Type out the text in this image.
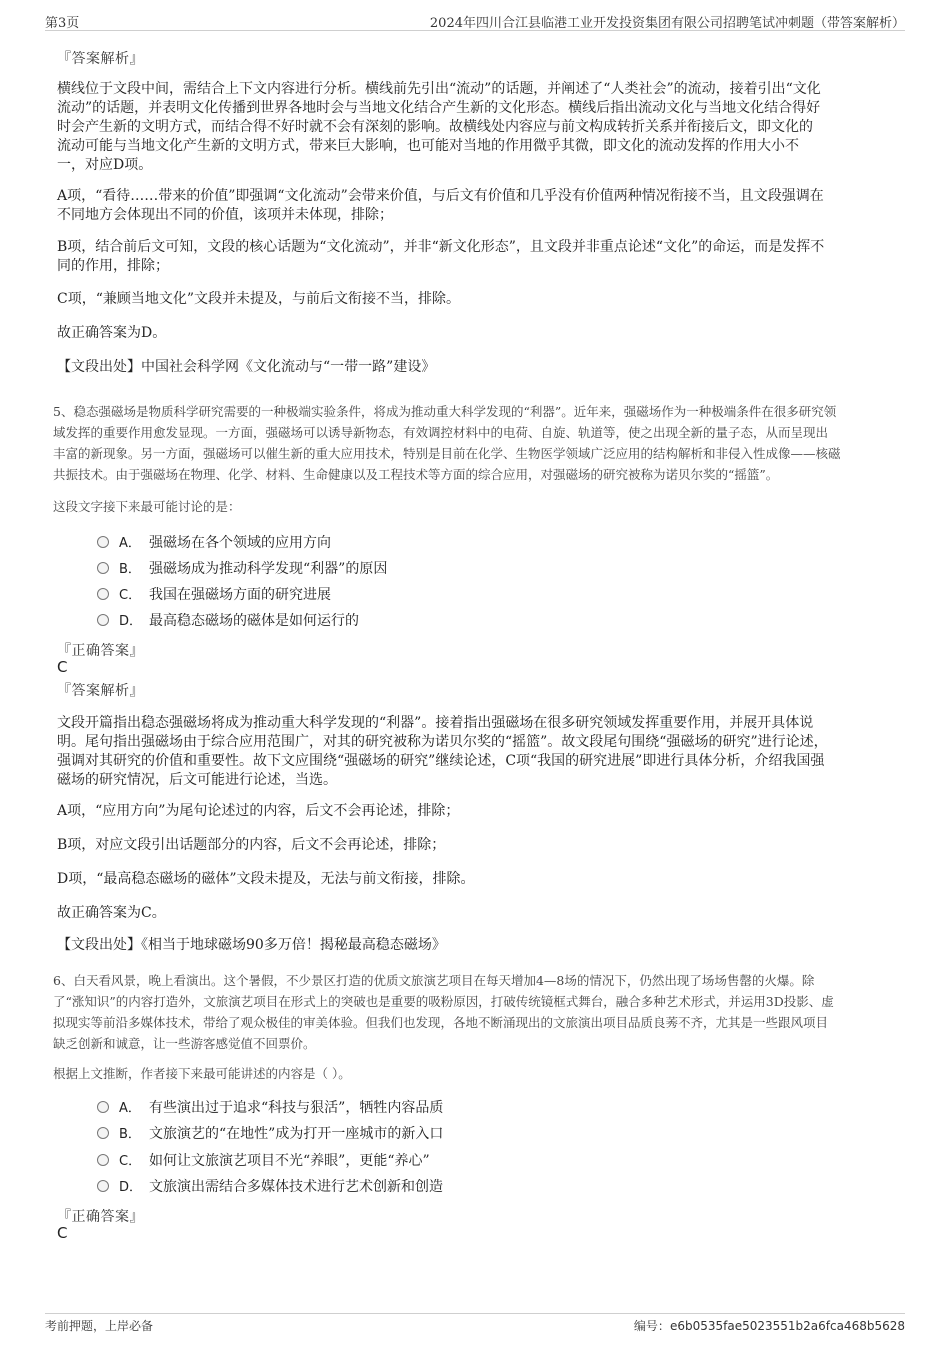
第3页	2024年四川合江县临港工业开发投资集团有限公司招聘笔试冲刺题（带答案解析）
『答案解析』

横线位于文段中间，需结合上下文内容进行分析。横线前先引出“流动”的话题，并阐述了“人类社会”的流动，接着引出“文化

流动”的话题，并表明文化传播到世界各地时会与当地文化结合产生新的文化形态。横线后指出流动文化与当地文化结合得好

时会产生新的文明方式，而结合得不好时就不会有深刻的影响。故横线处内容应与前文构成转折关系并衔接后文，即文化的

流动可能与当地文化产生新的文明方式，带来巨大影响，也可能对当地的作用微乎其微，即文化的流动发挥的作用大小不

一，对应D项。

A项，“看待……带来的价值”即强调“文化流动”会带来价值，与后文有价值和几乎没有价值两种情况衔接不当，且文段强调在

不同地方会体现出不同的价值，该项并未体现，排除；

B项，结合前后文可知，文段的核心话题为“文化流动”，并非“新文化形态”，且文段并非重点论述“文化”的命运，而是发挥不

同的作用，排除；

C项，“兼顾当地文化”文段并未提及，与前后文衔接不当，排除。

故正确答案为D。

【文段出处】中国社会科学网《文化流动与“一带一路”建设》

5、稳态强磁场是物质科学研究需要的一种极端实验条件，将成为推动重大科学发现的“利器”。近年来，强磁场作为一种极端条件在很多研究领

域发挥的重要作用愈发显现。一方面，强磁场可以诱导新物态，有效调控材料中的电荷、自旋、轨道等，使之出现全新的量子态，从而呈现出

丰富的新现象。另一方面，强磁场可以催生新的重大应用技术，特别是目前在化学、生物医学领域广泛应用的结构解析和非侵入性成像——核磁

共振技术。由于强磁场在物理、化学、材料、生命健康以及工程技术等方面的综合应用，对强磁场的研究被称为诺贝尔奖的“摇篮”。

这段文字接下来最可能讨论的是：
A． 强磁场在各个领域的应用方向
B． 强磁场成为推动科学发现“利器”的原因
C． 我国在强磁场方面的研究进展
D． 最高稳态磁场的磁体是如何运行的
『正确答案』
C
『答案解析』

文段开篇指出稳态强磁场将成为推动重大科学发现的“利器”。接着指出强磁场在很多研究领域发挥重要作用，并展开具体说

明。尾句指出强磁场由于综合应用范围广，对其的研究被称为诺贝尔奖的“摇篮”。故文段尾句围绕“强磁场的研究”进行论述，

强调对其研究的价值和重要性。故下文应围绕“强磁场的研究”继续论述，C项“我国的研究进展”即进行具体分析，介绍我国强

磁场的研究情况，后文可能进行论述，当选。

A项，“应用方向”为尾句论述过的内容，后文不会再论述，排除；

B项，对应文段引出话题部分的内容，后文不会再论述，排除；

D项，“最高稳态磁场的磁体”文段未提及，无法与前文衔接，排除。

故正确答案为C。

【文段出处】《相当于地球磁场90多万倍！揭秘最高稳态磁场》

6、白天看风景，晚上看演出。这个暑假，不少景区打造的优质文旅演艺项目在每天增加4—8场的情况下，仍然出现了场场售罄的火爆。除

了“涨知识”的内容打造外，文旅演艺项目在形式上的突破也是重要的吸粉原因，打破传统镜框式舞台，融合多种艺术形式，并运用3D投影、虚

拟现实等前沿多媒体技术，带给了观众极佳的审美体验。但我们也发现，各地不断涌现出的文旅演出项目品质良莠不齐，尤其是一些跟风项目

缺乏创新和诚意，让一些游客感觉值不回票价。

根据上文推断，作者接下来最可能讲述的内容是（ ）。
A． 有些演出过于追求“科技与狠活”，牺牲内容品质
B． 文旅演艺的“在地性”成为打开一座城市的新入口
C． 如何让文旅演艺项目不光“养眼”，更能“养心”
D． 文旅演出需结合多媒体技术进行艺术创新和创造
『正确答案』
C
考前押题，上岸必备	编号：e6b0535fae5023551b2a6fca468b5628
